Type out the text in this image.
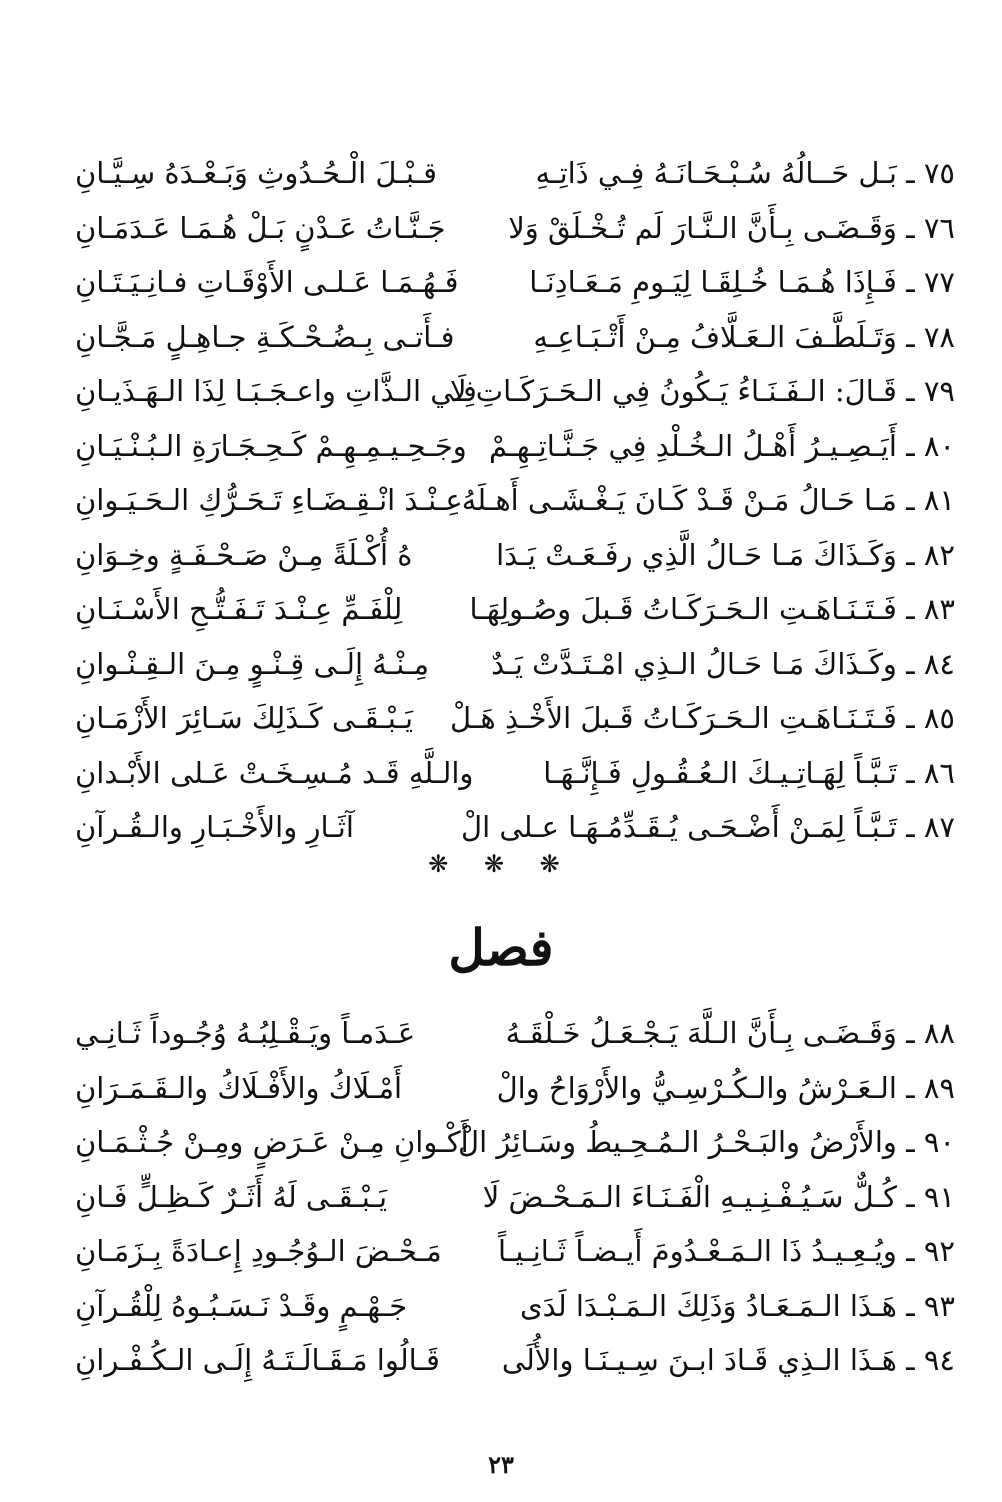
٧٥ ـ بَـل حَــالُهُ سُـبْـحَـانَـهُ فِـي ذَاتِـهِ
قـبْـلَ الْـحُـدُوثِ وَبَـعْـدَهُ سِـيَّـانِ
٧٦ ـ وَقَـضَـى بِـأَنَّ الـنَّـارَ لَم تُـخْـلَقْ وَلا
جَـنَّـاتُ عَـدْنٍ بَـلْ هُـمَـا عَـدَمَـانِ
٧٧ ـ فَـإِذَا هُـمَـا خُـلِقَـا لِيَـومِ مَـعَـادِنَـا
فَـهُـمَـا عَـلـى الأَوْقَـاتِ فـانِـيَـتَـانِ
٧٨ ـ وَتَـلَطَّـفَ الـعَـلَّافُ مِـنْ أَتْـبَـاعِـهِ
فـأَتـى بِـضُـحْـكَـةِ جـاهِـلٍ مَـجَّـانِ
٧٩ ـ قَـالَ: الـفَـنَـاءُ يَـكُونُ فِي الـحَـرَكَـاتِ لَا
فِـي الـذَّاتِ واعـجَـبَـا لِذَا الـهَـذَيـانِ
٨٠ ـ أَيَـصِـيـرُ أَهْـلُ الـخُـلْدِ فِي جَـنَّـاتِـهِـمْ
وجَـحِـيـمِـهِـمْ كَـحِـجَـارَةِ الـبُـنْـيَـانِ
٨١ ـ مَـا حَـالُ مَـنْ قَـدْ كَـانَ يَـغْـشَـى أَهـلَهُ
عِـنْـدَ انْـقِـضَـاءِ تَـحَـرُّكِ الـحَـيَـوانِ
٨٢ ـ وَكَـذَاكَ مَـا حَـالُ الَّذِي رفَـعَـتْ يَـدَا
هُ أُكْـلَةً مِـنْ صَـحْـفَـةٍ وخِـوَانِ
٨٣ ـ فَـتَـنَـاهَـتِ الـحَـرَكَـاتُ قَـبلَ وصُـولِهَـا
لِلْفَـمِّ عِـنْـدَ تَـفَـتُّـحِ الأَسْـنَـانِ
٨٤ ـ وكَـذَاكَ مَـا حَـالُ الـذِي امْـتَـدَّتْ يَـدٌ
مِـنْـهُ إِلَـى قِـنْـوٍ مِـنَ الـقِـنْـوانِ
٨٥ ـ فَـتَـنَـاهَـتِ الـحَـرَكَـاتُ قَـبلَ الأَخْـذِ هَـلْ
يَـبْـقَـى كَـذَلِكَ سَـائِرَ الأَزْمَـانِ
٨٦ ـ تَـبَّـاً لِهَـاتِـيـكَ الـعُـقُـولِ فَـإِنَّـهَـا
والـلَّهِ قَـد مُـسِـخَـتْ عَـلى الأَبْـدانِ
٨٧ ـ تَـبَّـاً لِمَـنْ أَضْـحَـى يُـقَـدِّمُـهَـا عـلى الْ
آثَـارِ والأَخْـبَـارِ والـقُـرآنِ
❋ ❋ ❋
فصل
٨٨ ـ وَقَـضَـى بِـأَنَّ الـلَّهَ يَـجْـعَـلُ خَـلْقَـهُ
عَـدَمـاً ويَـقْـلِبُـهُ وُجُـوداً ثَـانِـي
٨٩ ـ الـعَـرْشُ والـكُـرْسِـيُّ والأَرْوَاحُ والْ
أَمْـلَاكُ والأَفْـلَاكُ والـقَـمَـرَانِ
٩٠ ـ والأَرْضُ والبَـحْـرُ الـمُـحِـيطُ وسَـائِرُ الْ
أَكْـوانِ مِـنْ عَـرَضٍ ومِـنْ جُـثْـمَـانِ
٩١ ـ كُـلٌّ سَـيُـفْـنِـيـهِ الْفَـنَـاءَ الـمَـحْـضَ لَا
يَـبْـقَـى لَهُ أَثَـرٌ كَـظِـلٍّ فَـانِ
٩٢ ـ ويُـعِـيـدُ ذَا الـمَـعْـدُومَ أَيـضـاً ثَـانِـيـاً
مَـحْـضَ الـوُجُـودِ إِعـادَةً بِـزَمَـانِ
٩٣ ـ هَـذَا الـمَـعَـادُ وَذَلِكَ الـمَـبْـدَا لَدَى
جَـهْـمٍ وقَـدْ نَـسَـبُـوهُ لِلْقُـرآنِ
٩٤ ـ هَـذَا الـذِي قَـادَ ابـنَ سِـيـنَـا والأُلَى
قَـالُوا مَـقَـالَـتَـهُ إِلَـى الـكُـفْـرانِ
٢٣
